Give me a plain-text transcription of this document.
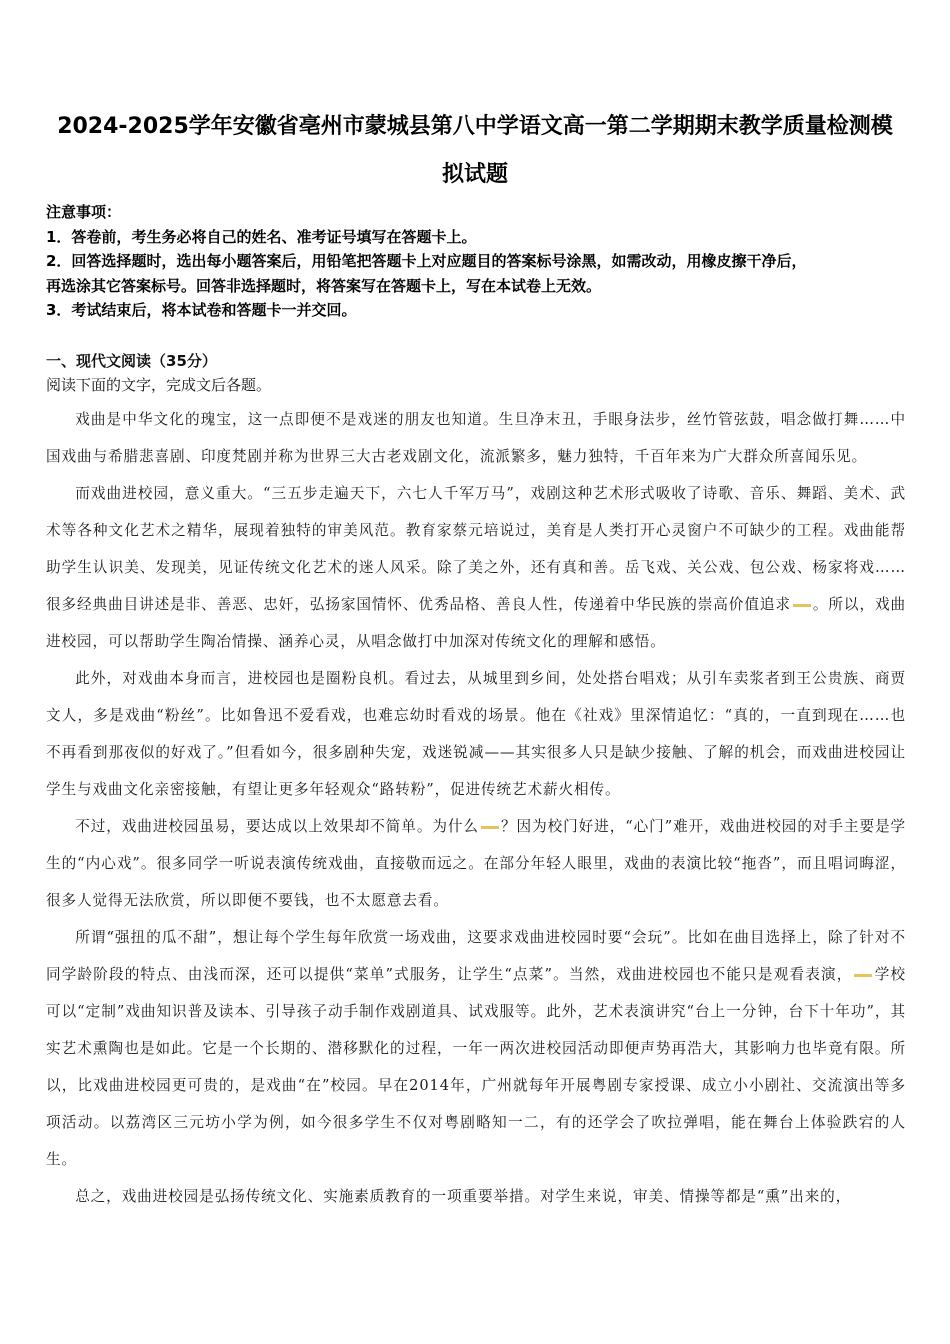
2024-2025学年安徽省亳州市蒙城县第八中学语文高一第二学期期末教学质量检测模
拟试题
注意事项：
1．答卷前，考生务必将自己的姓名、准考证号填写在答题卡上。
2．回答选择题时，选出每小题答案后，用铅笔把答题卡上对应题目的答案标号涂黑，如需改动，用橡皮擦干净后，
再选涂其它答案标号。回答非选择题时，将答案写在答题卡上，写在本试卷上无效。
3．考试结束后，将本试卷和答题卡一并交回。
一、现代文阅读（35分）
阅读下面的文字，完成文后各题。

戏曲是中华文化的瑰宝，这一点即便不是戏迷的朋友也知道。生旦净末丑，手眼身法步，丝竹管弦鼓，唱念做打舞……中国戏曲与希腊悲喜剧、印度梵剧并称为世界三大古老戏剧文化，流派繁多，魅力独特，千百年来为广大群众所喜闻乐见。

而戏曲进校园，意义重大。“三五步走遍天下，六七人千军万马”，戏剧这种艺术形式吸收了诗歌、音乐、舞蹈、美术、武术等各种文化艺术之精华，展现着独特的审美风范。教育家蔡元培说过，美育是人类打开心灵窗户不可缺少的工程。戏曲能帮助学生认识美、发现美，见证传统文化艺术的迷人风采。除了美之外，还有真和善。岳飞戏、关公戏、包公戏、杨家将戏……很多经典曲目讲述是非、善恶、忠奸，弘扬家国情怀、优秀品格、善良人性，传递着中华民族的崇高价值追求 。所以，戏曲进校园，可以帮助学生陶冶情操、涵养心灵，从唱念做打中加深对传统文化的理解和感悟。

此外，对戏曲本身而言，进校园也是圈粉良机。看过去，从城里到乡间，处处搭台唱戏；从引车卖浆者到王公贵族、商贾文人，多是戏曲“粉丝”。比如鲁迅不爱看戏，也难忘幼时看戏的场景。他在《社戏》里深情追忆：“真的，一直到现在……也不再看到那夜似的好戏了。”但看如今，很多剧种失宠，戏迷锐减——其实很多人只是缺少接触、了解的机会，而戏曲进校园让学生与戏曲文化亲密接触，有望让更多年轻观众“路转粉”，促进传统艺术薪火相传。

不过，戏曲进校园虽易，要达成以上效果却不简单。为什么 ？因为校门好进，“心门”难开，戏曲进校园的对手主要是学生的“内心戏”。很多同学一听说表演传统戏曲，直接敬而远之。在部分年轻人眼里，戏曲的表演比较“拖沓”，而且唱词晦涩，很多人觉得无法欣赏，所以即便不要钱，也不太愿意去看。

所谓“强扭的瓜不甜”，想让每个学生每年欣赏一场戏曲，这要求戏曲进校园时要“会玩”。比如在曲目选择上，除了针对不同学龄阶段的特点、由浅而深，还可以提供“菜单”式服务，让学生“点菜”。当然，戏曲进校园也不能只是观看表演， 学校可以“定制”戏曲知识普及读本、引导孩子动手制作戏剧道具、试戏服等。此外，艺术表演讲究“台上一分钟，台下十年功”，其实艺术熏陶也是如此。它是一个长期的、潜移默化的过程，一年一两次进校园活动即便声势再浩大，其影响力也毕竟有限。所以，比戏曲进校园更可贵的，是戏曲“在”校园。早在2014年，广州就每年开展粤剧专家授课、成立小小剧社、交流演出等多项活动。以荔湾区三元坊小学为例，如今很多学生不仅对粤剧略知一二，有的还学会了吹拉弹唱，能在舞台上体验跌宕的人生。

总之，戏曲进校园是弘扬传统文化、实施素质教育的一项重要举措。对学生来说，审美、情操等都是“熏”出来的，
